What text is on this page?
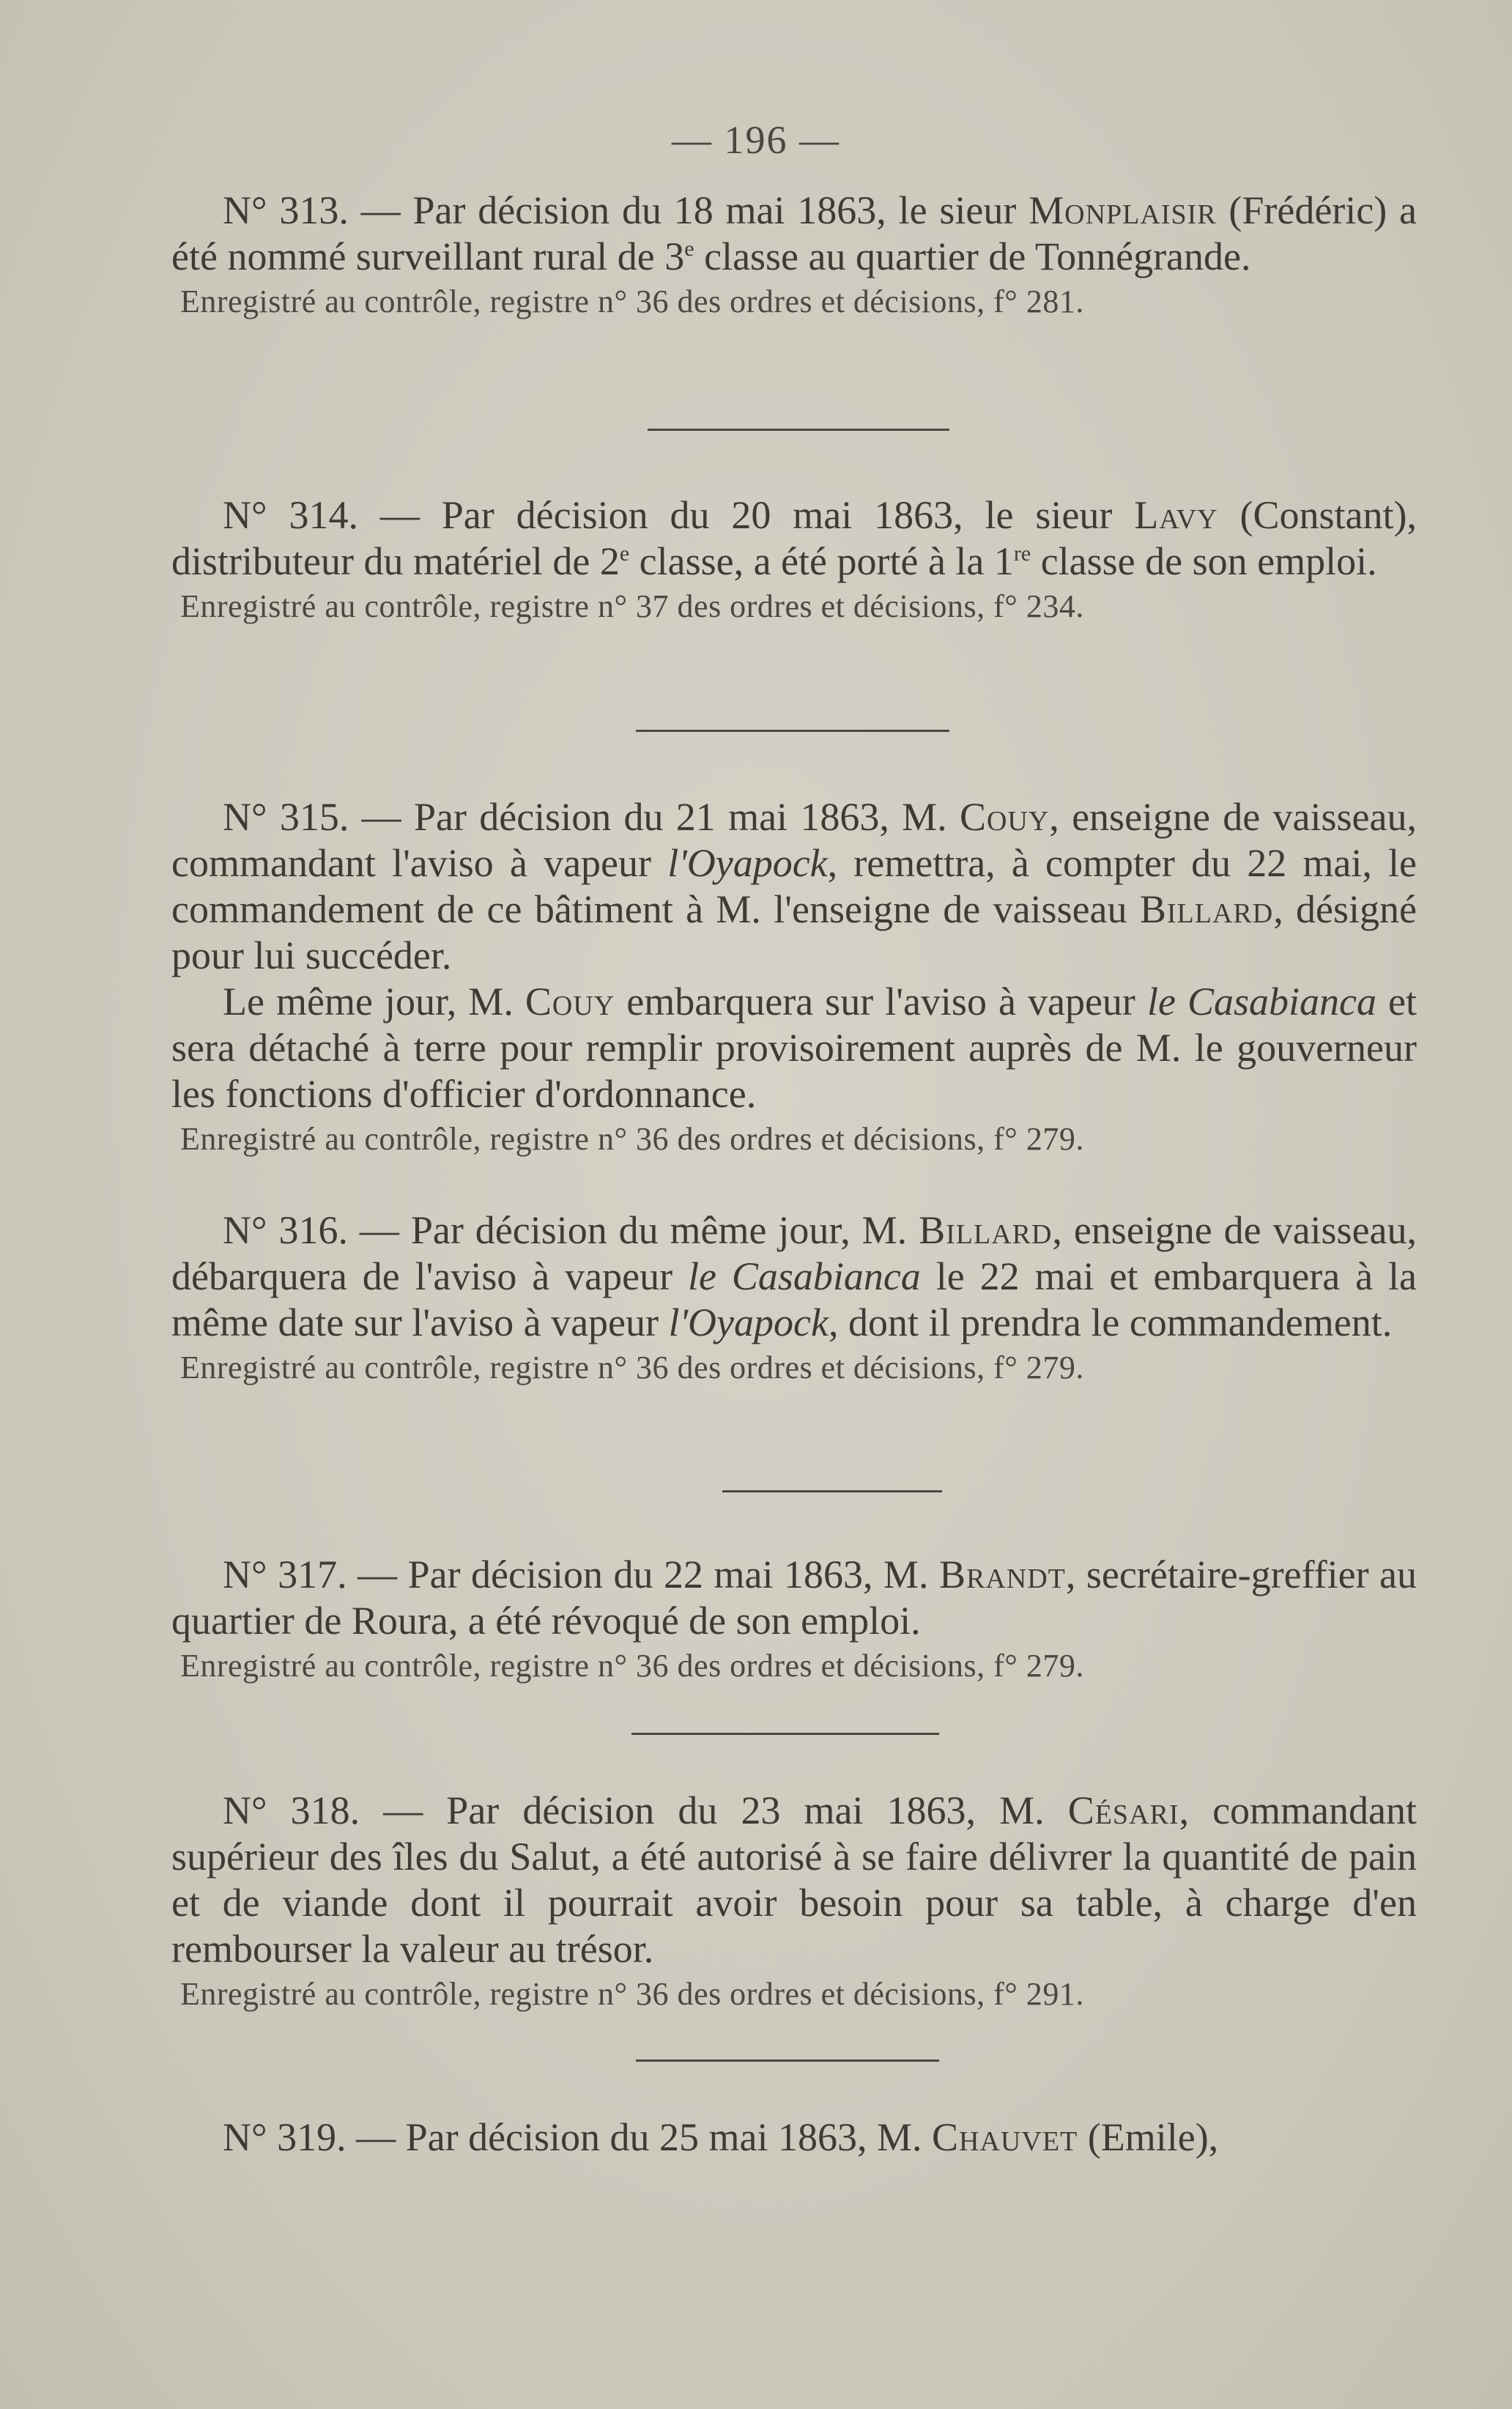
— 196 —

N° 313. — Par décision du 18 mai 1863, le sieur Monplaisir (Frédéric) a été nommé surveillant rural de 3e classe au quartier de Tonnégrande.

Enregistré au contrôle, registre n° 36 des ordres et décisions, f° 281.

N° 314. — Par décision du 20 mai 1863, le sieur Lavy (Constant), distributeur du matériel de 2e classe, a été porté à la 1re classe de son emploi.

Enregistré au contrôle, registre n° 37 des ordres et décisions, f° 234.

N° 315. — Par décision du 21 mai 1863, M. Couy, enseigne de vaisseau, commandant l'aviso à vapeur l'Oyapock, remettra, à compter du 22 mai, le commandement de ce bâtiment à M. l'enseigne de vaisseau Billard, désigné pour lui succéder.

Le même jour, M. Couy embarquera sur l'aviso à vapeur le Casabianca et sera détaché à terre pour remplir provisoirement auprès de M. le gouverneur les fonctions d'officier d'ordonnance.

Enregistré au contrôle, registre n° 36 des ordres et décisions, f° 279.

N° 316. — Par décision du même jour, M. Billard, enseigne de vaisseau, débarquera de l'aviso à vapeur le Casabianca le 22 mai et embarquera à la même date sur l'aviso à vapeur l'Oyapock, dont il prendra le commandement.

Enregistré au contrôle, registre n° 36 des ordres et décisions, f° 279.

N° 317. — Par décision du 22 mai 1863, M. Brandt, secrétaire-greffier au quartier de Roura, a été révoqué de son emploi.

Enregistré au contrôle, registre n° 36 des ordres et décisions, f° 279.

N° 318. — Par décision du 23 mai 1863, M. Césari, commandant supérieur des îles du Salut, a été autorisé à se faire délivrer la quantité de pain et de viande dont il pourrait avoir besoin pour sa table, à charge d'en rembourser la valeur au trésor.

Enregistré au contrôle, registre n° 36 des ordres et décisions, f° 291.

N° 319. — Par décision du 25 mai 1863, M. Chauvet (Emile),
